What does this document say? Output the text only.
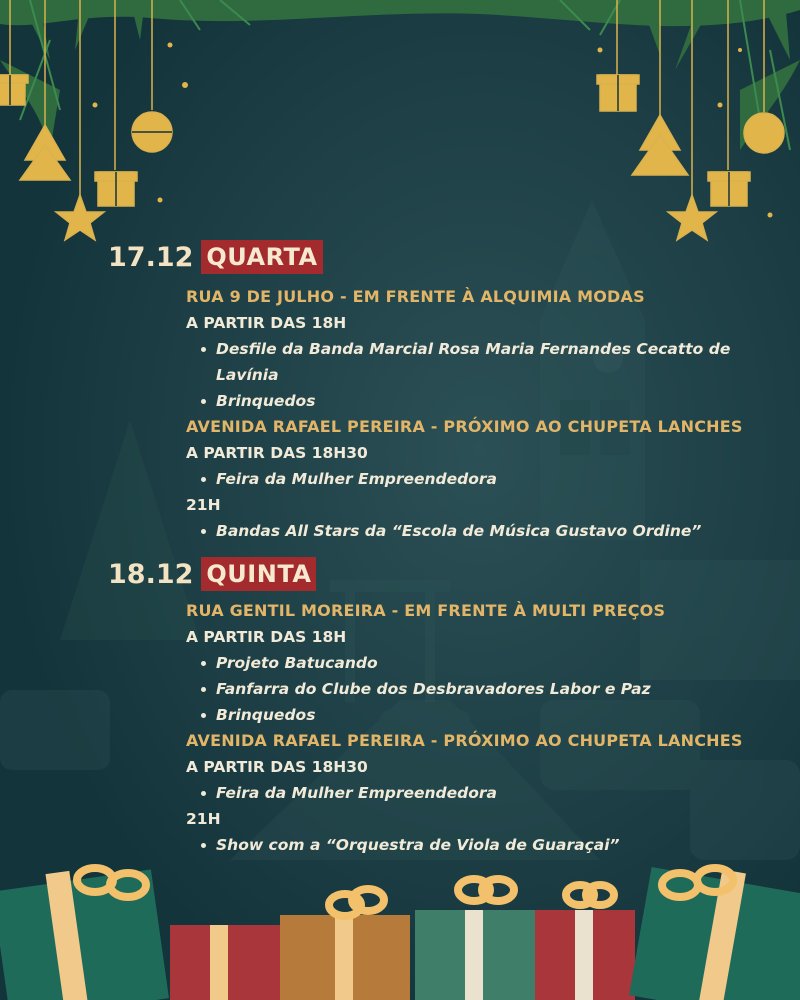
17.12 QUARTA
RUA 9 DE JULHO - EM FRENTE À ALQUIMIA MODAS
A PARTIR DAS 18H
Desfile da Banda Marcial Rosa Maria Fernandes Cecatto de Lavínia
Brinquedos
AVENIDA RAFAEL PEREIRA - PRÓXIMO AO CHUPETA LANCHES
A PARTIR DAS 18H30
Feira da Mulher Empreendedora
21H
Bandas All Stars da “Escola de Música Gustavo Ordine”
18.12 QUINTA
RUA GENTIL MOREIRA - EM FRENTE À MULTI PREÇOS
A PARTIR DAS 18H
Projeto Batucando
Fanfarra do Clube dos Desbravadores Labor e Paz
Brinquedos
AVENIDA RAFAEL PEREIRA - PRÓXIMO AO CHUPETA LANCHES
A PARTIR DAS 18H30
Feira da Mulher Empreendedora
21H
Show com a “Orquestra de Viola de Guaraçai”
